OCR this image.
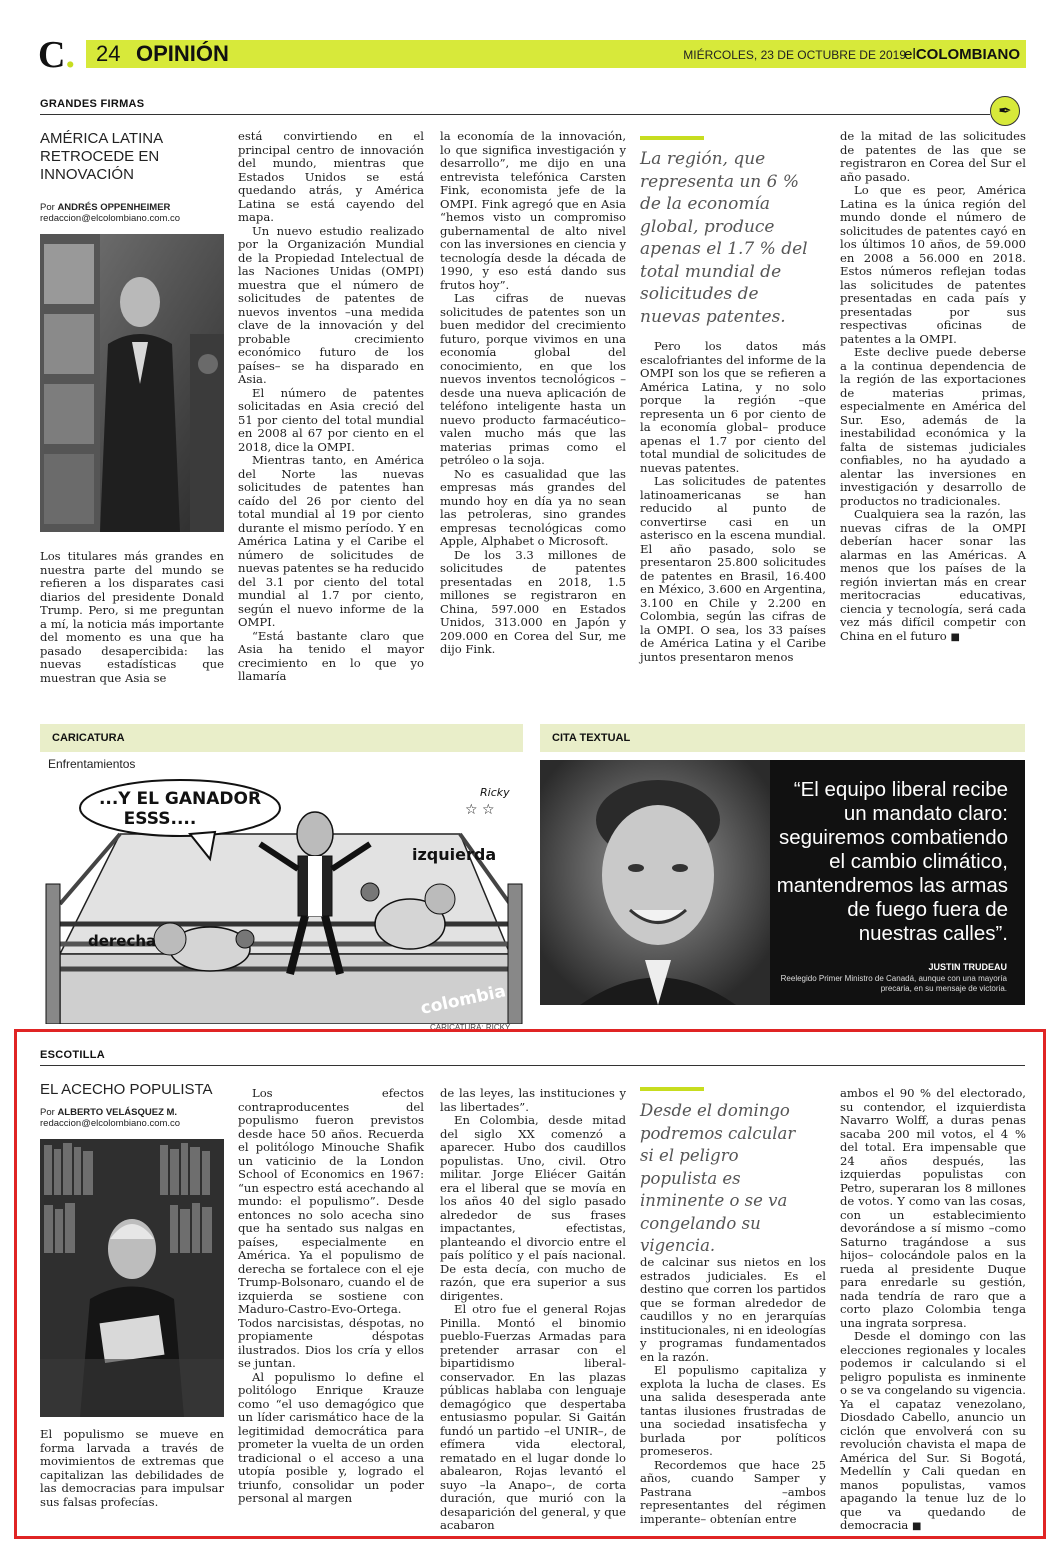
C. 24 OPINIÓN	MIÉRCOLES, 23 DE OCTUBRE DE 2019
elCOLOMBIANO
GRANDES FIRMAS	✒
AMÉRICA LATINA RETROCEDE EN INNOVACIÓN
Por ANDRÉS OPPENHEIMER
redaccion@elcolombiano.com.co

Los titulares más grandes en nuestra parte del mundo se refieren a los disparates casi diarios del presidente Donald Trump. Pero, si me preguntan a mí, la noticia más importante del momento es una que ha pasado desapercibida: las nuevas estadísticas que muestran que Asia se

está convirtiendo en el principal centro de innovación del mundo, mientras que Estados Unidos se está quedando atrás, y América Latina se está cayendo del mapa.

Un nuevo estudio realizado por la Organización Mundial de la Propiedad Intelectual de las Naciones Unidas (OMPI) muestra que el número de solicitudes de patentes de nuevos inventos –una medida clave de la innovación y del probable crecimiento económico futuro de los países– se ha disparado en Asia.

El número de patentes solicitadas en Asia creció del 51 por ciento del total mundial en 2008 al 67 por ciento en el 2018, dice la OMPI.

Mientras tanto, en América del Norte las nuevas solicitudes de patentes han caído del 26 por ciento del total mundial al 19 por ciento durante el mismo período. Y en América Latina y el Caribe el número de solicitudes de nuevas patentes se ha reducido del 3.1 por ciento del total mundial al 1.7 por ciento, según el nuevo informe de la OMPI.

“Está bastante claro que Asia ha tenido el mayor crecimiento en lo que yo llamaría

la economía de la innovación, lo que significa investigación y desarrollo”, me dijo en una entrevista telefónica Carsten Fink, economista jefe de la OMPI. Fink agregó que en Asia “hemos visto un compromiso gubernamental de alto nivel con las inversiones en ciencia y tecnología desde la década de 1990, y eso está dando sus frutos hoy”.

Las cifras de nuevas solicitudes de patentes son un buen medidor del crecimiento futuro, porque vivimos en una economía global del conocimiento, en que los nuevos inventos tecnológicos –desde una nueva aplicación de teléfono inteligente hasta un nuevo producto farmacéutico– valen mucho más que las materias primas como el petróleo o la soja.

No es casualidad que las empresas más grandes del mundo hoy en día ya no sean las petroleras, sino grandes empresas tecnológicas como Apple, Alphabet o Microsoft.

De los 3.3 millones de solicitudes de patentes presentadas en 2018, 1.5 millones se registraron en China, 597.000 en Estados Unidos, 313.000 en Japón y 209.000 en Corea del Sur, me dijo Fink.

La región, que representa un 6 % de la economía global, produce apenas el 1.7 % del total mundial de solicitudes de nuevas patentes.

Pero los datos más escalofriantes del informe de la OMPI son los que se refieren a América Latina, y no solo porque la región –que representa un 6 por ciento de la economía global– produce apenas el 1.7 por ciento del total mundial de solicitudes de nuevas patentes.

Las solicitudes de patentes latinoamericanas se han reducido al punto de convertirse casi en un asterisco en la escena mundial. El año pasado, solo se presentaron 25.800 solicitudes de patentes en Brasil, 16.400 en México, 3.600 en Argentina, 3.100 en Chile y 2.200 en Colombia, según las cifras de la OMPI. O sea, los 33 países de América Latina y el Caribe juntos presentaron menos

de la mitad de las solicitudes de patentes de las que se registraron en Corea del Sur el año pasado.

Lo que es peor, América Latina es la única región del mundo donde el número de solicitudes de patentes cayó en los últimos 10 años, de 59.000 en 2008 a 56.000 en 2018. Estos números reflejan todas las solicitudes de patentes presentadas en cada país y presentadas por sus respectivas oficinas de patentes a la OMPI.

Este declive puede deberse a la continua dependencia de la región de las exportaciones de materias primas, especialmente en América del Sur. Eso, además de la inestabilidad económica y la falta de sistemas judiciales confiables, no ha ayudado a alentar las inversiones en investigación y desarrollo de productos no tradicionales.

Cualquiera sea la razón, las nuevas cifras de la OMPI deberían hacer sonar las alarmas en las Américas. A menos que los países de la región inviertan más en crear meritocracias educativas, ciencia y tecnología, será cada vez más difícil competir con China en el futuro ■

CARICATURA
Enfrentamientos
...Y EL GANADOR
ESSS....	☆ ☆
izquierda
derecha
colombia
Ricky
CARICATURA: RICKY
CITA TEXTUAL
“El equipo liberal recibe un mandato claro: seguiremos combatiendo el cambio climático, mantendremos las armas de fuego fuera de nuestras calles”.
JUSTIN TRUDEAU
Reelegido Primer Ministro de Canadá, aunque con una mayoría precaria, en su mensaje de victoria.
ESCOTILLA
EL ACECHO POPULISTA
Por ALBERTO VELÁSQUEZ M.
redaccion@elcolombiano.com.co

El populismo se mueve en forma larvada a través de movimientos de extremas que capitalizan las debilidades de las democracias para impulsar sus falsas profecías.

Los efectos contraproducentes del populismo fueron previstos desde hace 50 años. Recuerda el politólogo Minouche Shafik un vaticinio de la London School of Economics en 1967: “un espectro está acechando al mundo: el populismo”. Desde entonces no solo acecha sino que ha sentado sus nalgas en países, especialmente en América. Ya el populismo de derecha se fortalece con el eje Trump-Bolsonaro, cuando el de izquierda se sostiene con Maduro-Castro-Evo-Ortega. Todos narcisistas, déspotas, no propiamente déspotas ilustrados. Dios los cría y ellos se juntan.

Al populismo lo define el politólogo Enrique Krauze como “el uso demagógico que un líder carismático hace de la legitimidad democrática para prometer la vuelta de un orden tradicional o el acceso a una utopía posible y, logrado el triunfo, consolidar un poder personal al margen

de las leyes, las instituciones y las libertades”.

En Colombia, desde mitad del siglo XX comenzó a aparecer. Hubo dos caudillos populistas. Uno, civil. Otro militar. Jorge Eliécer Gaitán era el liberal que se movía en los años 40 del siglo pasado alrededor de sus frases impactantes, efectistas, planteando el divorcio entre el país político y el país nacional. De esta decía, con mucho de razón, que era superior a sus dirigentes.

El otro fue el general Rojas Pinilla. Montó el binomio pueblo-Fuerzas Armadas para pretender arrasar con el bipartidismo liberal-conservador. En las plazas públicas hablaba con lenguaje demagógico que despertaba entusiasmo popular. Si Gaitán fundó un partido –el UNIR–, de efímera vida electoral, rematado en el lugar donde lo abalearon, Rojas levantó el suyo –la Anapo–, de corta duración, que murió con la desaparición del general, y que acabaron

Desde el domingo podremos calcular si el peligro populista es inminente o se va congelando su vigencia.

de calcinar sus nietos en los estrados judiciales. Es el destino que corren los partidos que se forman alrededor de caudillos y no en jerarquías institucionales, ni en ideologías y programas fundamentados en la razón.

El populismo capitaliza y explota la lucha de clases. Es una salida desesperada ante tantas ilusiones frustradas de una sociedad insatisfecha y burlada por políticos promeseros.

Recordemos que hace 25 años, cuando Samper y Pastrana –ambos representantes del régimen imperante– obtenían entre

ambos el 90 % del electorado, su contendor, el izquierdista Navarro Wolff, a duras penas sacaba 200 mil votos, el 4 % del total. Era impensable que 24 años después, las izquierdas populistas con Petro, superaran los 8 millones de votos. Y como van las cosas, con un establecimiento devorándose a sí mismo –como Saturno tragándose a sus hijos– colocándole palos en la rueda al presidente Duque para enredarle su gestión, nada tendría de raro que a corto plazo Colombia tenga una ingrata sorpresa.

Desde el domingo con las elecciones regionales y locales podemos ir calculando si el peligro populista es inminente o se va congelando su vigencia. Ya el capataz venezolano, Diosdado Cabello, anuncio un ciclón que envolverá con su revolución chavista el mapa de América del Sur. Si Bogotá, Medellín y Cali quedan en manos populistas, vamos apagando la tenue luz de lo que va quedando de democracia ■
